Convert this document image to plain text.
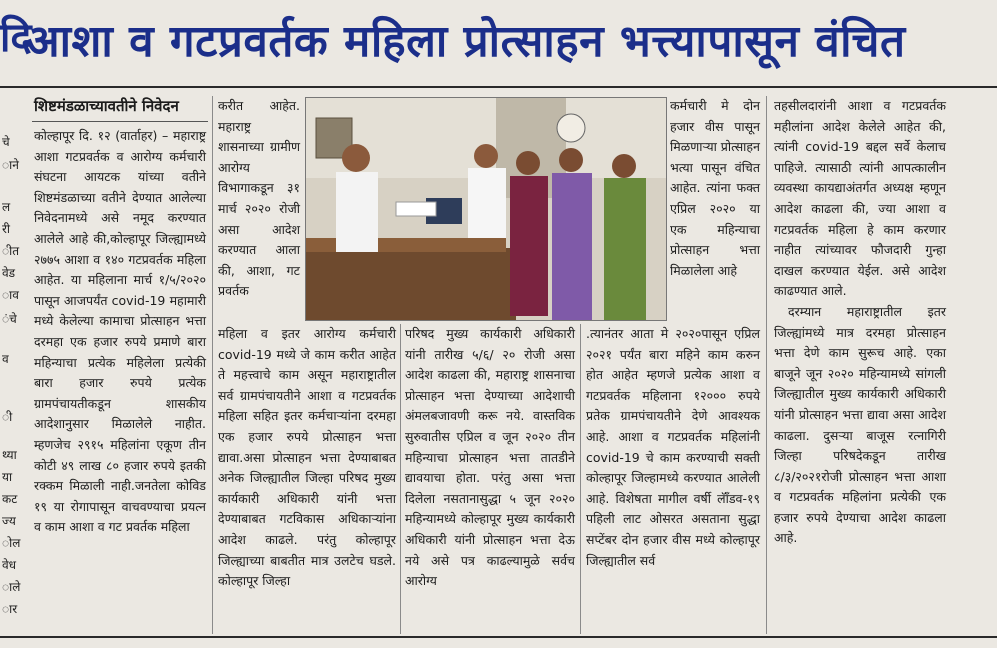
दि
चे
ाने
ल
री
ीत
वेड
ाव
ंचे
व
ी
थ्या
या
कट
ज्य
ोल
वेध
ाले
ार
आशा व गटप्रवर्तक महिला प्रोत्साहन भत्त्यापासून वंचित
शिष्टमंडळाच्यावतीने निवेदन

कोल्हापूर दि. १२ (वार्ताहर) – महाराष्ट्र आशा गटप्रवर्तक व आरोग्य कर्मचारी संघटना आयटक यांच्या वतीने शिष्टमंडळाच्या वतीने देण्यात आलेल्या निवेदनामध्ये असे नमूद करण्यात आलेले आहे की,कोल्हापूर जिल्ह्यामध्ये २७७५ आशा व १४० गटप्रवर्तक महिला आहेत. या महिलाना मार्च १/५/२०२० पासून आजपर्यंत covid-19 महामारी मध्ये केलेल्या कामाचा प्रोत्साहन भत्ता दरमहा एक हजार रुपये प्रमाणे बारा महिन्याचा प्रत्येक महिलेला प्रत्येकी बारा हजार रुपये प्रत्येक ग्रामपंचायतीकडून शासकीय आदेशानुसार मिळालेले नाहीत. म्हणजेच २९१५ महिलांना एकूण तीन कोटी ४९ लाख ८० हजार रुपये इतकी रक्कम मिळाली नाही.जनतेला कोविड १९ या रोगापासून वाचवण्याचा प्रयत्न व काम आशा व गट प्रवर्तक महिला

करीत आहेत. महाराष्ट्र शासनाच्या ग्रामीण आरोग्य विभागाकडून ३१ मार्च २०२० रोजी असा आदेश करण्यात आला की, आशा, गट प्रवर्तक

महिला व इतर आरोग्य कर्मचारी covid-19 मध्ये जे काम करीत आहेत ते महत्त्वाचे काम असून महाराष्ट्रातील सर्व ग्रामपंचायतीने आशा व गटप्रवर्तक महिला सहित इतर कर्मचाऱ्यांना दरमहा एक हजार रुपये प्रोत्साहन भत्ता द्यावा.असा प्रोत्साहन भत्ता देण्याबाबत अनेक जिल्ह्यातील जिल्हा परिषद मुख्य कार्यकारी अधिकारी यांनी भत्ता देण्याबाबत गटविकास अधिकाऱ्यांना आदेश काढले. परंतु कोल्हापूर जिल्ह्याच्या बाबतीत मात्र उलटेच घडले. कोल्हापूर जिल्हा

परिषद मुख्य कार्यकारी अधिकारी यांनी तारीख ५/६/ २० रोजी असा आदेश काढला की, महाराष्ट्र शासनाचा प्रोत्साहन भत्ता देण्याच्या आदेशाची अंमलबजावणी करू नये. वास्तविक सुरुवातीस एप्रिल व जून २०२० तीन महिन्याचा प्रोत्साहन भत्ता तातडीने द्यावयाचा होता. परंतु असा भत्ता दिलेला नसतानासुद्धा ५ जून २०२० महिन्यामध्ये कोल्हापूर मुख्य कार्यकारी अधिकारी यांनी प्रोत्साहन भत्ता देऊ नये असे पत्र काढल्यामुळे सर्वच आरोग्य

कर्मचारी मे दोन हजार वीस पासून मिळणाऱ्या प्रोत्साहन भत्या पासून वंचित आहेत. त्यांना फक्त एप्रिल २०२० या एक महिन्याचा प्रोत्साहन भत्ता मिळालेला आहे

.त्यानंतर आता मे २०२०पासून एप्रिल २०२१ पर्यंत बारा महिने काम करुन होत आहेत म्हणजे प्रत्येक आशा व गटप्रवर्तक महिलाना १२००० रुपये प्रतेक ग्रामपंचायतीने देणे आवश्यक आहे. आशा व गटप्रवर्तक महिलांनी covid-19 चे काम करण्याची सक्ती कोल्हापूर जिल्हामध्ये करण्यात आलेली आहे. विशेषता मागील वर्षी लॅाँडव-१९ पहिली लाट ओसरत असताना सुद्धा सप्टेंबर दोन हजार वीस मध्ये कोल्हापूर जिल्ह्यातील सर्व

तहसीलदारांनी आशा व गटप्रवर्तक महीलांना आदेश केलेले आहेत की, त्यांनी covid-19 बद्दल सर्वे केलाच पाहिजे. त्यासाठी त्यांनी आपत्कालीन व्यवस्था कायद्याअंतर्गत अध्यक्ष म्हणून आदेश काढला की, ज्या आशा व गटप्रवर्तक महिला हे काम करणार नाहीत त्यांच्यावर फौजदारी गुन्हा दाखल करण्यात येईल. असे आदेश काढण्यात आले.

दरम्यान महाराष्ट्रातील इतर जिल्ह्यांमध्ये मात्र दरमहा प्रोत्साहन भत्ता देणे काम सुरूच आहे. एका बाजूने जून २०२० महिन्यामध्ये सांगली जिल्ह्यातील मुख्य कार्यकारी अधिकारी यांनी प्रोत्साहन भत्ता द्यावा असा आदेश काढला. दुसऱ्या बाजूस रत्नागिरी जिल्हा परिषदेकडून तारीख ८/३/२०२१रोजी प्रोत्साहन भत्ता आशा व गटप्रवर्तक महिलांना प्रत्येकी एक हजार रुपये देण्याचा आदेश काढला आहे.
